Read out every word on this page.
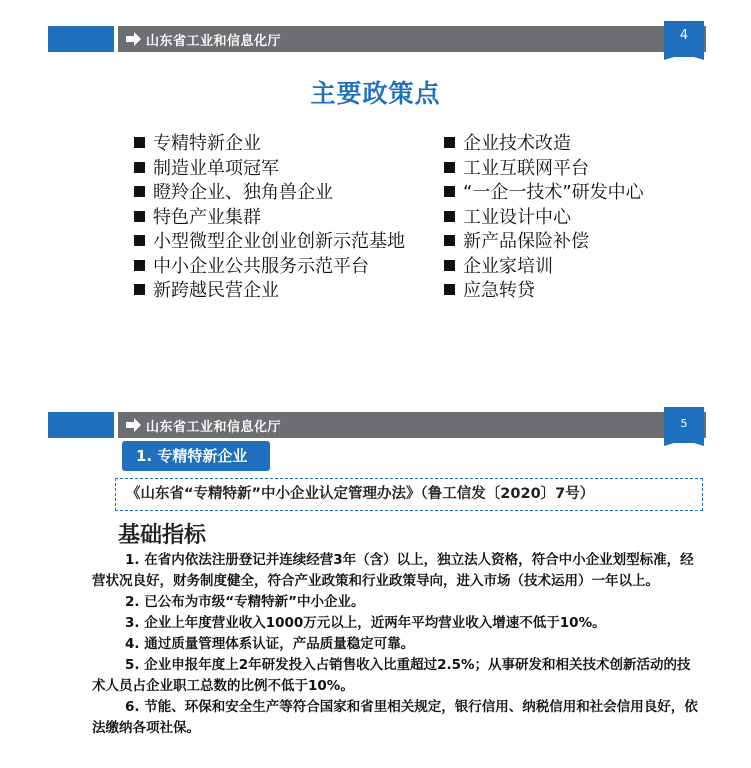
山东省工业和信息化厅	4
主要政策点
专精特新企业
制造业单项冠军
瞪羚企业、独角兽企业
特色产业集群
小型微型企业创业创新示范基地
中小企业公共服务示范平台
新跨越民营企业
企业技术改造
工业互联网平台
“一企一技术”研发中心
工业设计中心
新产品保险补偿
企业家培训
应急转贷
山东省工业和信息化厅	5
1. 专精特新企业
《山东省“专精特新”中小企业认定管理办法》（鲁工信发〔2020〕7号）
基础指标

1. 在省内依法注册登记并连续经营3年（含）以上，独立法人资格，符合中小企业划型标准，经营状况良好，财务制度健全，符合产业政策和行业政策导向，进入市场（技术运用）一年以上。

2. 已公布为市级“专精特新”中小企业。

3. 企业上年度营业收入1000万元以上，近两年平均营业收入增速不低于10%。

4. 通过质量管理体系认证，产品质量稳定可靠。

5. 企业申报年度上2年研发投入占销售收入比重超过2.5%；从事研发和相关技术创新活动的技术人员占企业职工总数的比例不低于10%。

6. 节能、环保和安全生产等符合国家和省里相关规定，银行信用、纳税信用和社会信用良好，依法缴纳各项社保。
